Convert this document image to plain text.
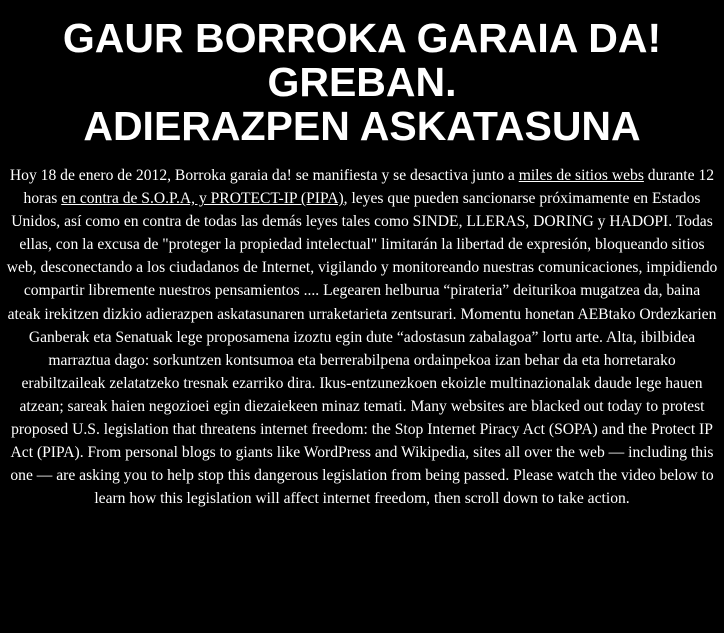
GAUR BORROKA GARAIA DA!
GREBAN.
ADIERAZPEN ASKATASUNA

Hoy 18 de enero de 2012, Borroka garaia da! se manifiesta y se desactiva junto a miles de sitios webs durante 12 horas en contra de S.O.P.A, y PROTECT-IP (PIPA), leyes que pueden sancionarse próximamente en Estados Unidos, así como en contra de todas las demás leyes tales como SINDE, LLERAS, DORING y HADOPI. Todas ellas, con la excusa de "proteger la propiedad intelectual" limitarán la libertad de expresión, bloqueando sitios web, desconectando a los ciudadanos de Internet, vigilando y monitoreando nuestras comunicaciones, impidiendo compartir libremente nuestros pensamientos .... Legearen helburua “pirateria” deiturikoa mugatzea da, baina ateak irekitzen dizkio adierazpen askatasunaren urraketarieta zentsurari. Momentu honetan AEBtako Ordezkarien Ganberak eta Senatuak lege proposamena izoztu egin dute “adostasun zabalagoa” lortu arte. Alta, ibilbidea marraztua dago: sorkuntzen kontsumoa eta berrerabilpena ordainpekoa izan behar da eta horretarako erabiltzaileak zelatatzeko tresnak ezarriko dira. Ikus-entzunezkoen ekoizle multinazionalak daude lege hauen atzean; sareak haien negozioei egin diezaiekeen minaz temati. Many websites are blacked out today to protest proposed U.S. legislation that threatens internet freedom: the Stop Internet Piracy Act (SOPA) and the Protect IP Act (PIPA). From personal blogs to giants like WordPress and Wikipedia, sites all over the web — including this one — are asking you to help stop this dangerous legislation from being passed. Please watch the video below to learn how this legislation will affect internet freedom, then scroll down to take action.
